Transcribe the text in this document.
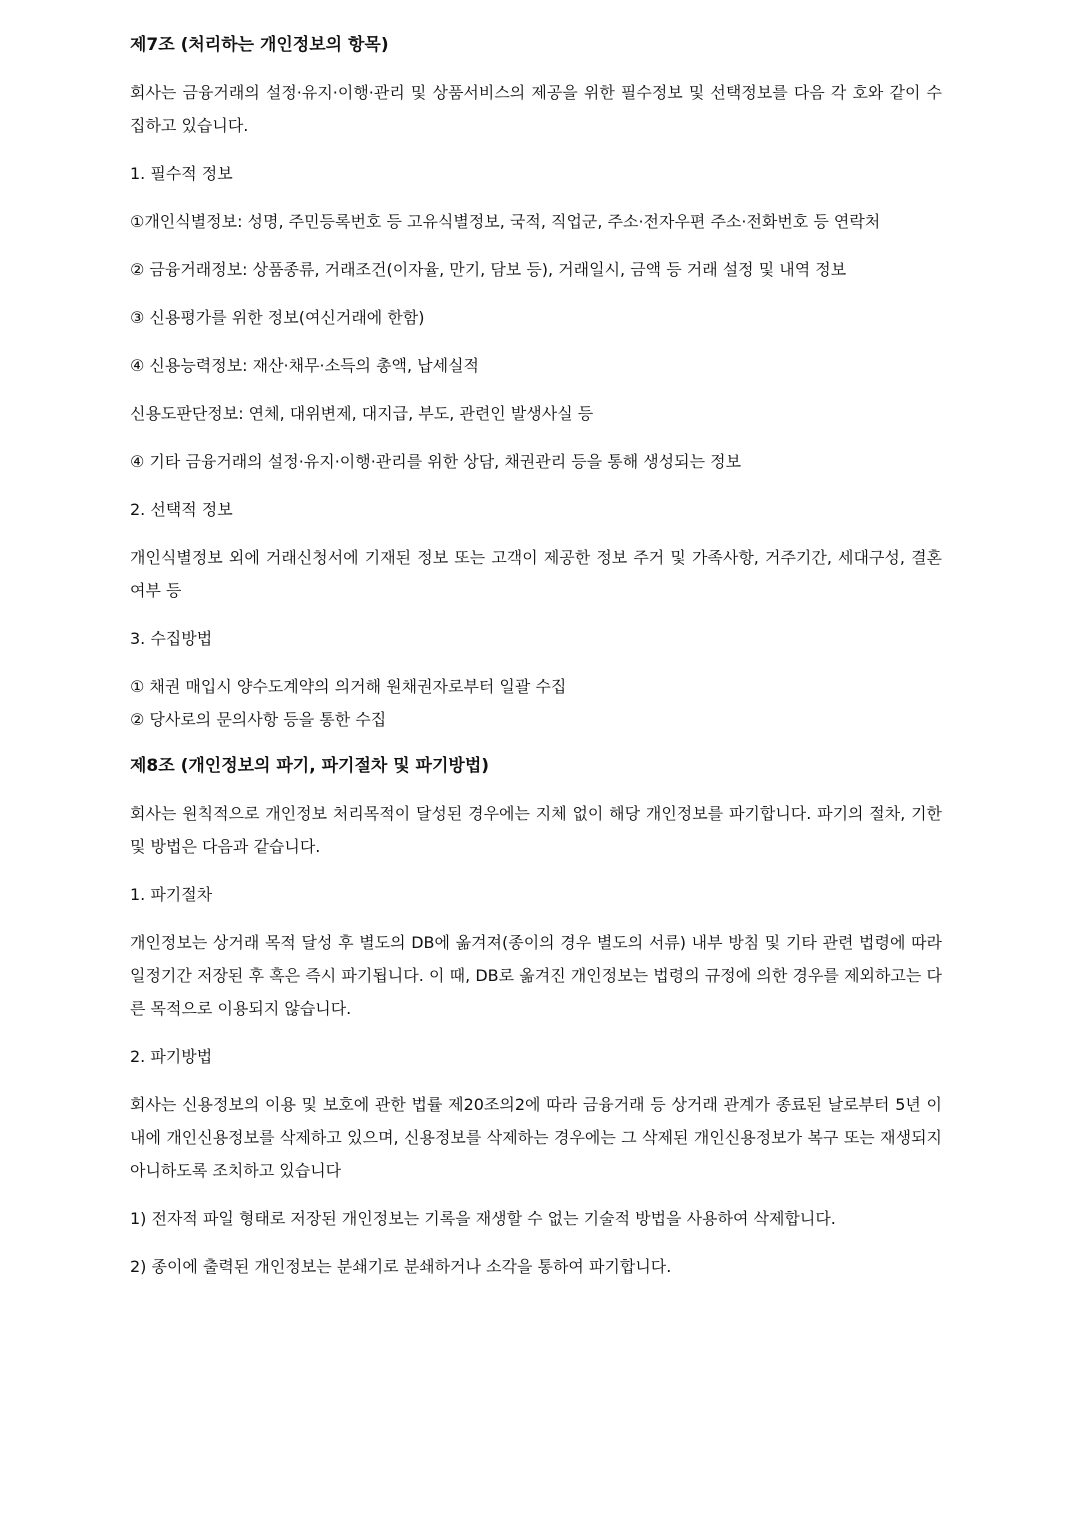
제7조 (처리하는 개인정보의 항목)

회사는 금융거래의 설정·유지·이행·관리 및 상품서비스의 제공을 위한 필수정보 및 선택정보를 다음 각 호와 같이 수집하고 있습니다.

1. 필수적 정보

①개인식별정보: 성명, 주민등록번호 등 고유식별정보, 국적, 직업군, 주소·전자우편 주소·전화번호 등 연락처

② 금융거래정보: 상품종류, 거래조건(이자율, 만기, 담보 등), 거래일시, 금액 등 거래 설정 및 내역 정보

③ 신용평가를 위한 정보(여신거래에 한함)

④ 신용능력정보: 재산·채무·소득의 총액, 납세실적

신용도판단정보: 연체, 대위변제, 대지급, 부도, 관련인 발생사실 등

④ 기타 금융거래의 설정·유지·이행·관리를 위한 상담, 채권관리 등을 통해 생성되는 정보

2. 선택적 정보

개인식별정보 외에 거래신청서에 기재된 정보 또는 고객이 제공한 정보 주거 및 가족사항, 거주기간, 세대구성, 결혼여부 등

3. 수집방법

① 채권 매입시 양수도계약의 의거해 원채권자로부터 일괄 수집

② 당사로의 문의사항 등을 통한 수집

제8조 (개인정보의 파기, 파기절차 및 파기방법)

회사는 원칙적으로 개인정보 처리목적이 달성된 경우에는 지체 없이 해당 개인정보를 파기합니다. 파기의 절차, 기한 및 방법은 다음과 같습니다.

1. 파기절차

개인정보는 상거래 목적 달성 후 별도의 DB에 옮겨져(종이의 경우 별도의 서류) 내부 방침 및 기타 관련 법령에 따라 일정기간 저장된 후 혹은 즉시 파기됩니다. 이 때, DB로 옮겨진 개인정보는 법령의 규정에 의한 경우를 제외하고는 다른 목적으로 이용되지 않습니다.

2. 파기방법

회사는 신용정보의 이용 및 보호에 관한 법률 제20조의2에 따라 금융거래 등 상거래 관계가 종료된 날로부터 5년 이내에 개인신용정보를 삭제하고 있으며, 신용정보를 삭제하는 경우에는 그 삭제된 개인신용정보가 복구 또는 재생되지 아니하도록 조치하고 있습니다

1) 전자적 파일 형태로 저장된 개인정보는 기록을 재생할 수 없는 기술적 방법을 사용하여 삭제합니다.

2) 종이에 출력된 개인정보는 분쇄기로 분쇄하거나 소각을 통하여 파기합니다.
